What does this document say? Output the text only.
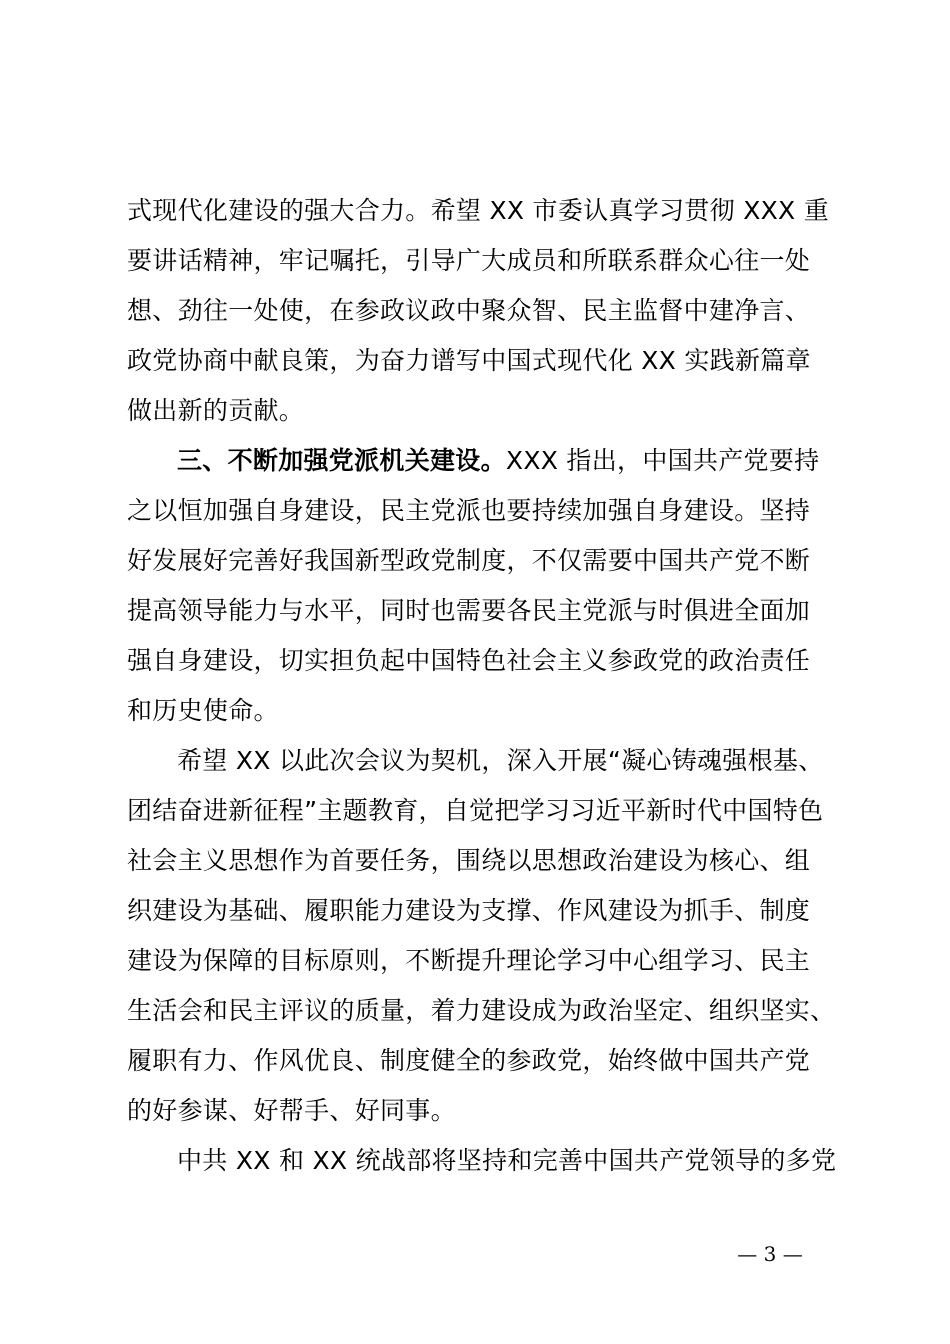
式现代化建设的强大合力。希望 XX 市委认真学习贯彻 XXX 重
要讲话精神，牢记嘱托，引导广大成员和所联系群众心往一处
想、劲往一处使，在参政议政中聚众智、民主监督中建净言、
政党协商中献良策，为奋力谱写中国式现代化 XX 实践新篇章
做出新的贡献。
三、不断加强党派机关建设。XXX 指出，中国共产党要持
之以恒加强自身建设，民主党派也要持续加强自身建设。坚持
好发展好完善好我国新型政党制度，不仅需要中国共产党不断
提高领导能力与水平，同时也需要各民主党派与时俱进全面加
强自身建设，切实担负起中国特色社会主义参政党的政治责任
和历史使命。
希望 XX 以此次会议为契机，深入开展“凝心铸魂强根基、
团结奋进新征程”主题教育，自觉把学习习近平新时代中国特色
社会主义思想作为首要任务，围绕以思想政治建设为核心、组
织建设为基础、履职能力建设为支撑、作风建设为抓手、制度
建设为保障的目标原则，不断提升理论学习中心组学习、民主
生活会和民主评议的质量，着力建设成为政治坚定、组织坚实、
履职有力、作风优良、制度健全的参政党，始终做中国共产党
的好参谋、好帮手、好同事。
中共 XX 和 XX 统战部将坚持和完善中国共产党领导的多党
— 3 —
